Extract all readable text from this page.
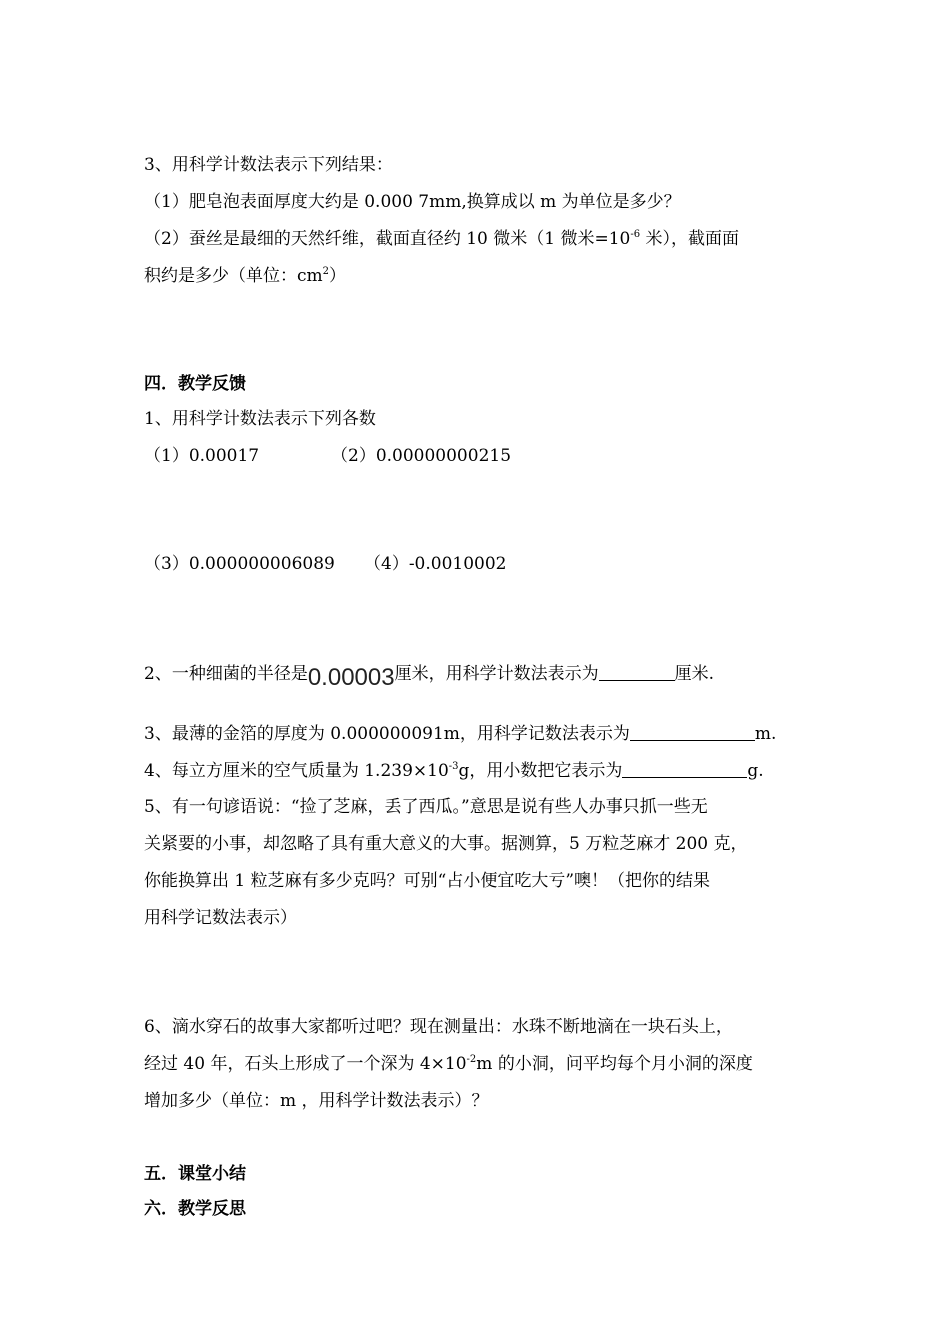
3、用科学计数法表示下列结果：
（1）肥皂泡表面厚度大约是 0.000 7mm,换算成以 m 为单位是多少？
（2）蚕丝是最细的天然纤维，截面直径约 10 微米（1 微米$=10^{-6}$ 米），截面面
积约是多少（单位：$cm^2$）
四．教学反馈
1、用科学计数法表示下列各数
（1）0.00017	（2）0.00000000215
（3）0.000000006089 （4）-0.0010002
2、一种细菌的半径是0.00003厘米，用科学计数法表示为	厘米.
3、最薄的金箔的厚度为 0.000000091m，用科学记数法表示为	m.
4、每立方厘米的空气质量为 $1.239\times 10^{-3}g$，用小数把它表示为	g.
5、有一句谚语说：“捡了芝麻，丢了西瓜。”意思是说有些人办事只抓一些无
关紧要的小事，却忽略了具有重大意义的大事。据测算，5 万粒芝麻才 200 克，
你能换算出 1 粒芝麻有多少克吗？可别“占小便宜吃大亏”噢！（把你的结果
用科学记数法表示）
6、滴水穿石的故事大家都听过吧？现在测量出：水珠不断地滴在一块石头上，
经过 40 年，石头上形成了一个深为 $4\times 10^{-2}m$ 的小洞，问平均每个月小洞的深度
增加多少（单位：m ，用科学计数法表示）？
五．课堂小结
六．教学反思
